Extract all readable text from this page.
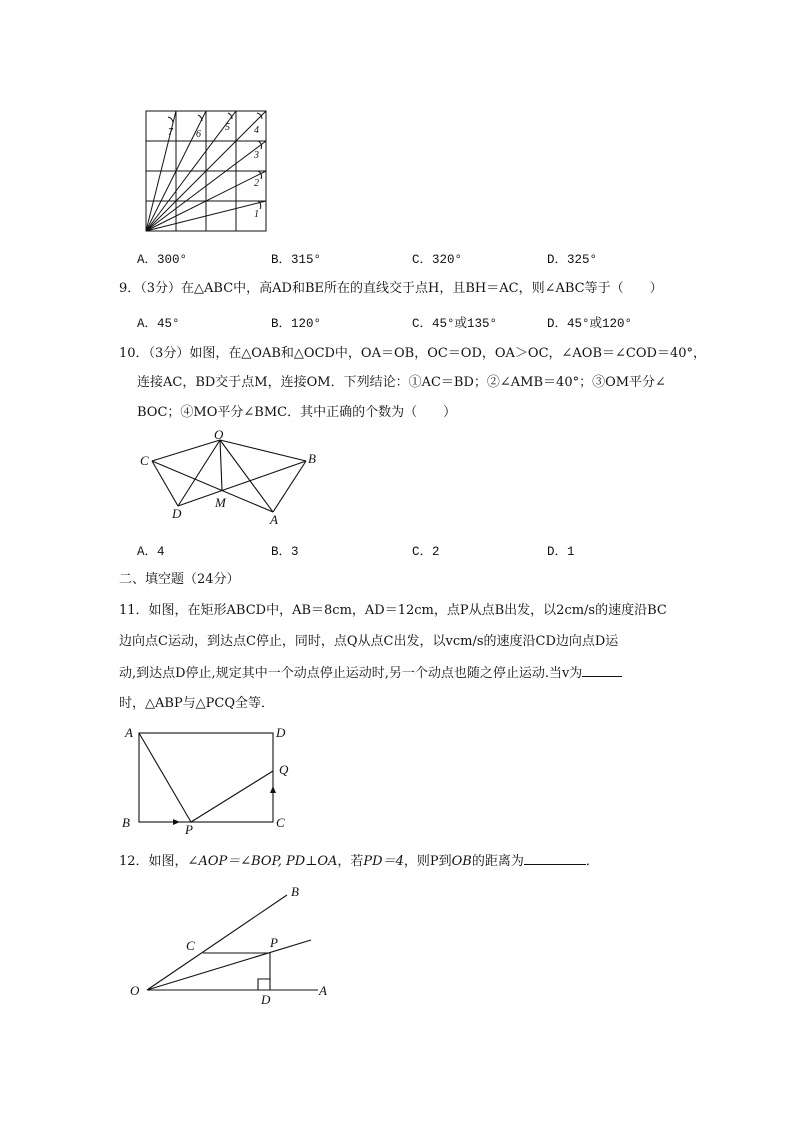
1
2
3
4
5
6
7
A．300°	B．315°	C．320°	D．325°
9．（3分）在△ABC中，高AD和BE所在的直线交于点H，且BH＝AC，则∠ABC等于（　　）
A．45°	B．120°	C．45°或135°	D．45°或120°
10．（3分）如图，在△OAB和△OCD中，OA＝OB，OC＝OD，OA＞OC，∠AOB＝∠COD＝40°，
连接AC，BD交于点M，连接OM．下列结论：①AC＝BD；②∠AMB＝40°；③OM平分∠
BOC；④MO平分∠BMC．其中正确的个数为（　　）
O
C	B
D
M
A
A．4	B．3	C．2	D．1
二、填空题（24分）
11．如图，在矩形ABCD中，AB＝8cm，AD＝12cm，点P从点B出发，以2cm/s的速度沿BC
边向点C运动，到达点C停止，同时，点Q从点C出发，以vcm/s的速度沿CD边向点D运
动,到达点D停止,规定其中一个动点停止运动时,另一个动点也随之停止运动.当v为
时，△ABP与△PCQ全等．
A	D
Q
B	P	C
12．如图，∠AOP＝∠BOP, PD⊥OA，若PD＝4，则P到OB的距离为	．
B
C	P
O
D
A
